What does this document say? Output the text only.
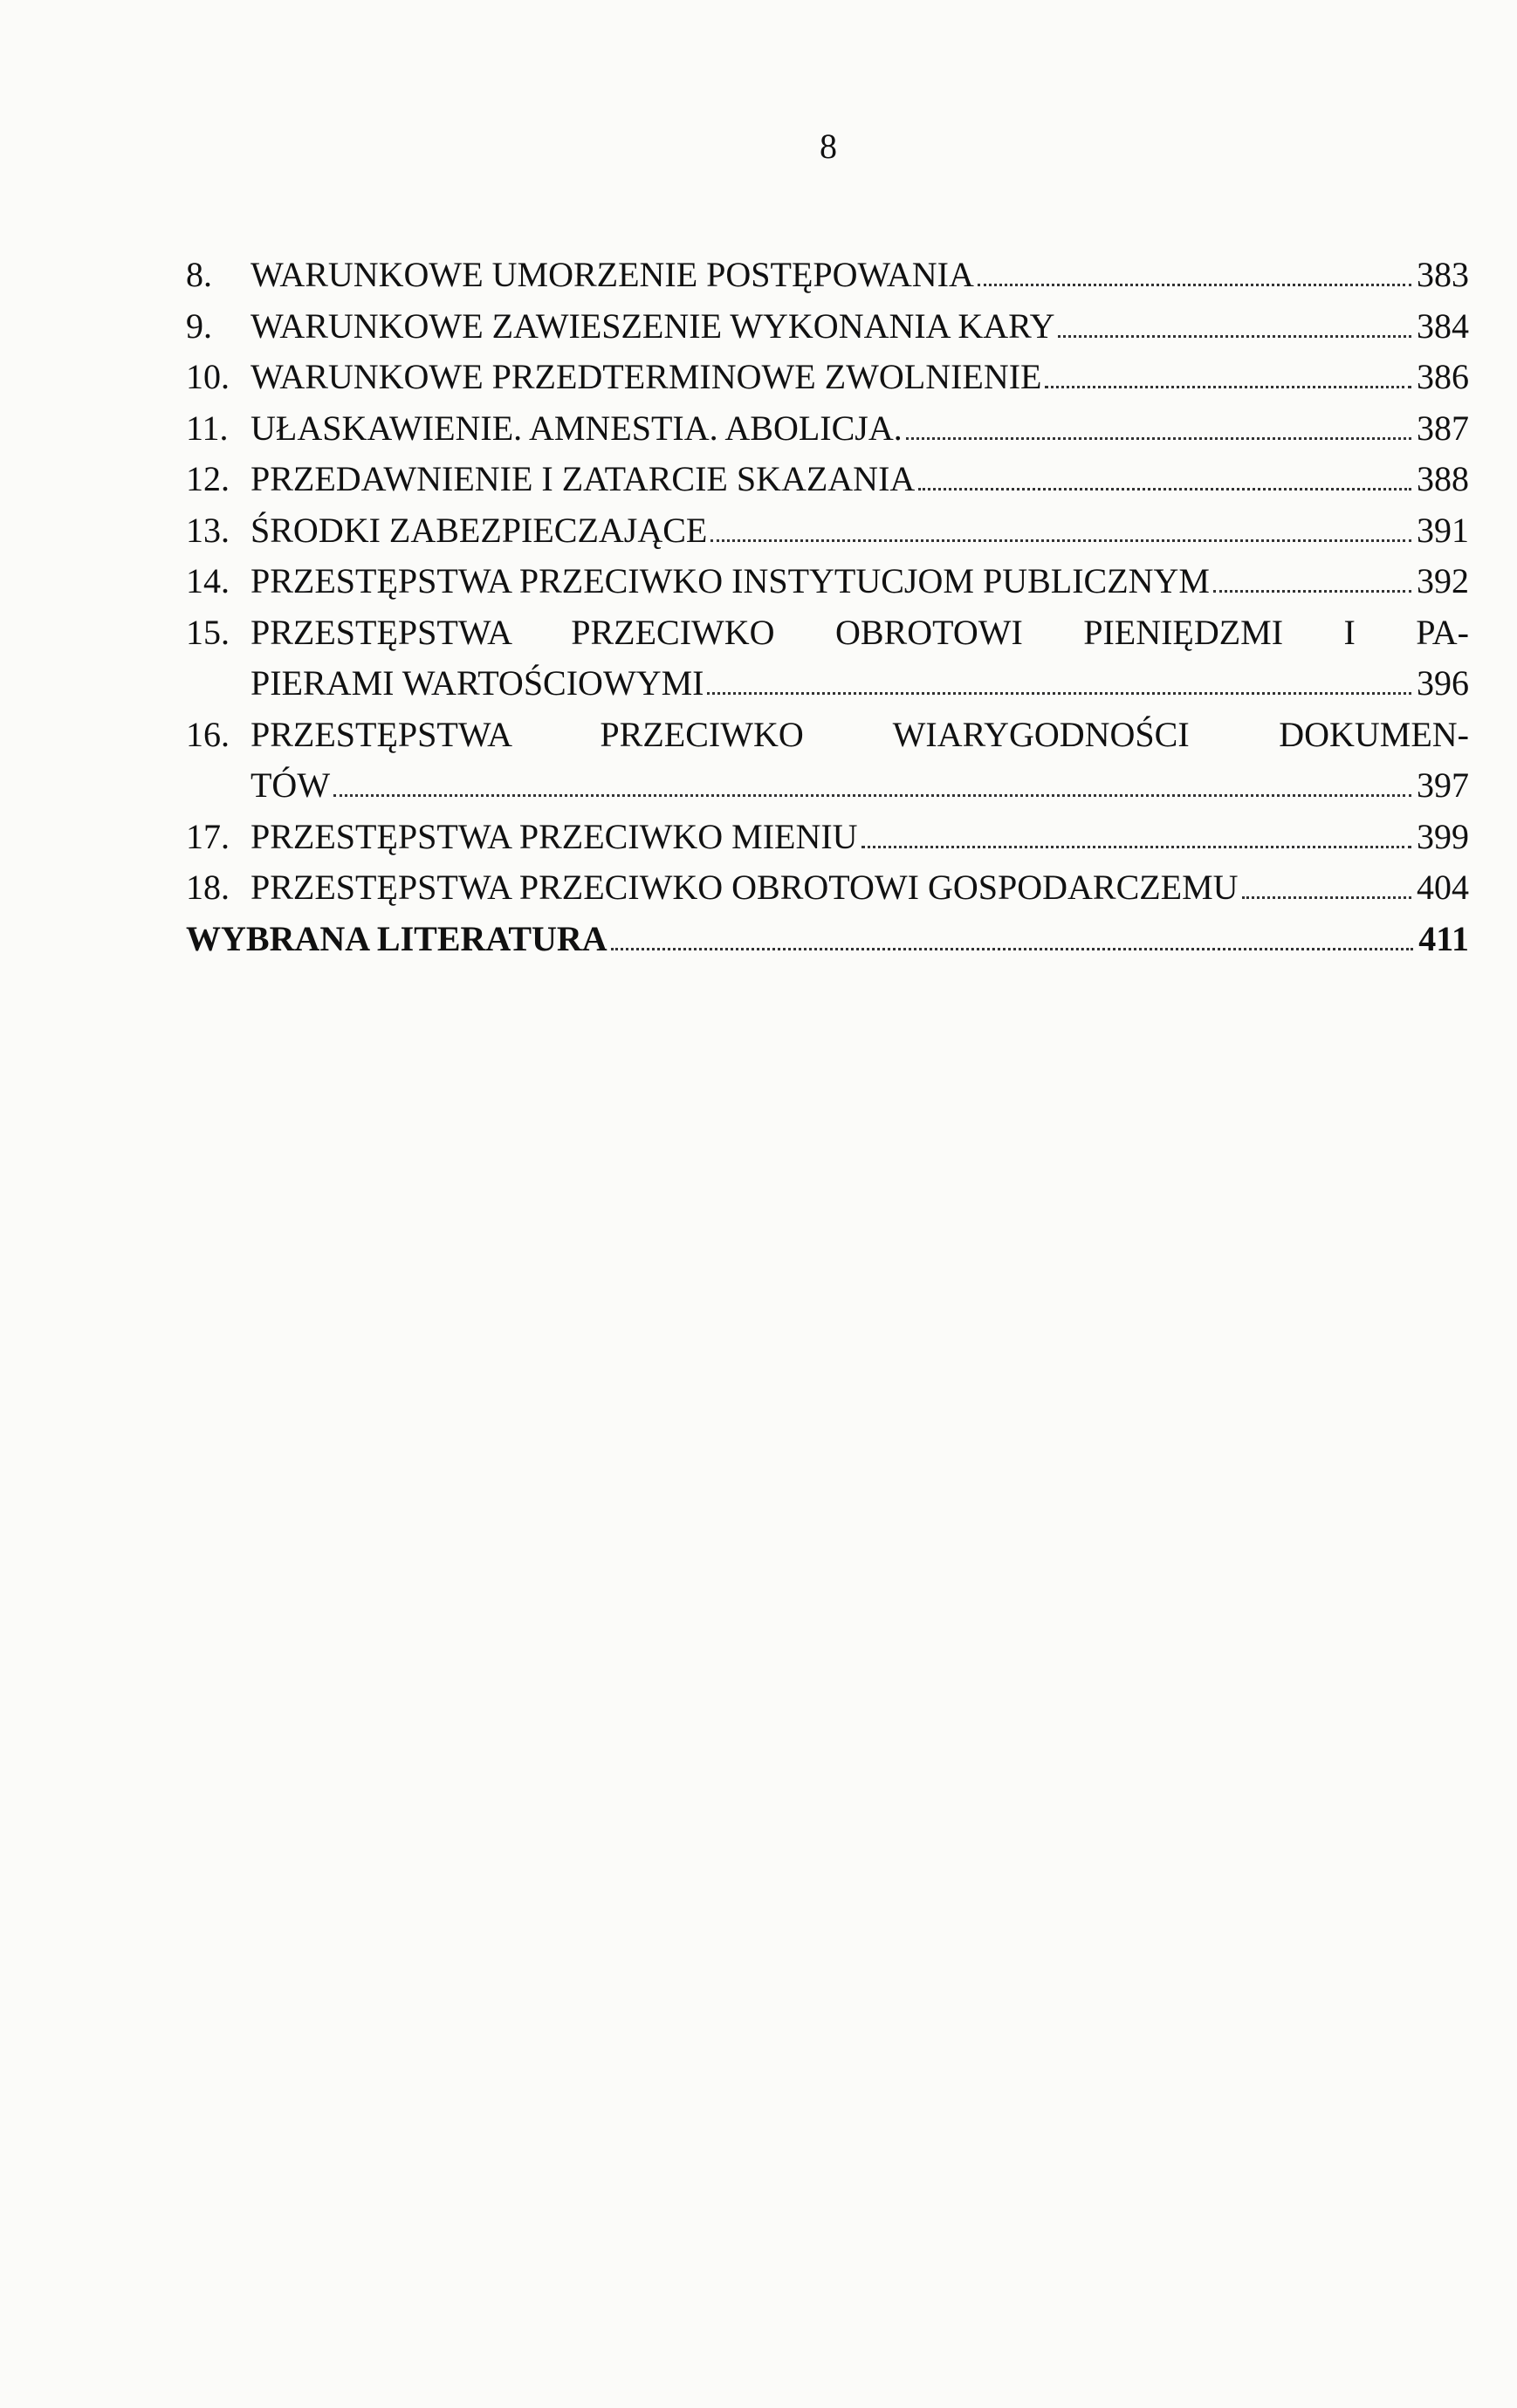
8
8.	WARUNKOWE UMORZENIE POSTĘPOWANIA	383
9.	WARUNKOWE ZAWIESZENIE WYKONANIA KARY	384
10. WARUNKOWE PRZEDTERMINOWE ZWOLNIENIE	386
11. UŁASKAWIENIE. AMNESTIA. ABOLICJA.	387
12. PRZEDAWNIENIE I ZATARCIE SKAZANIA	388
13. ŚRODKI ZABEZPIECZAJĄCE	391
14. PRZESTĘPSTWA PRZECIWKO INSTYTUCJOM PUBLICZNYM	392
15. PRZESTĘPSTWA PRZECIWKO OBROTOWI PIENIĘDZMI I PA-
PIERAMI WARTOŚCIOWYMI	396
16. PRZESTĘPSTWA PRZECIWKO WIARYGODNOŚCI DOKUMEN-
TÓW	397
17. PRZESTĘPSTWA PRZECIWKO MIENIU	399
18. PRZESTĘPSTWA PRZECIWKO OBROTOWI GOSPODARCZEMU	404
WYBRANA LITERATURA	411
